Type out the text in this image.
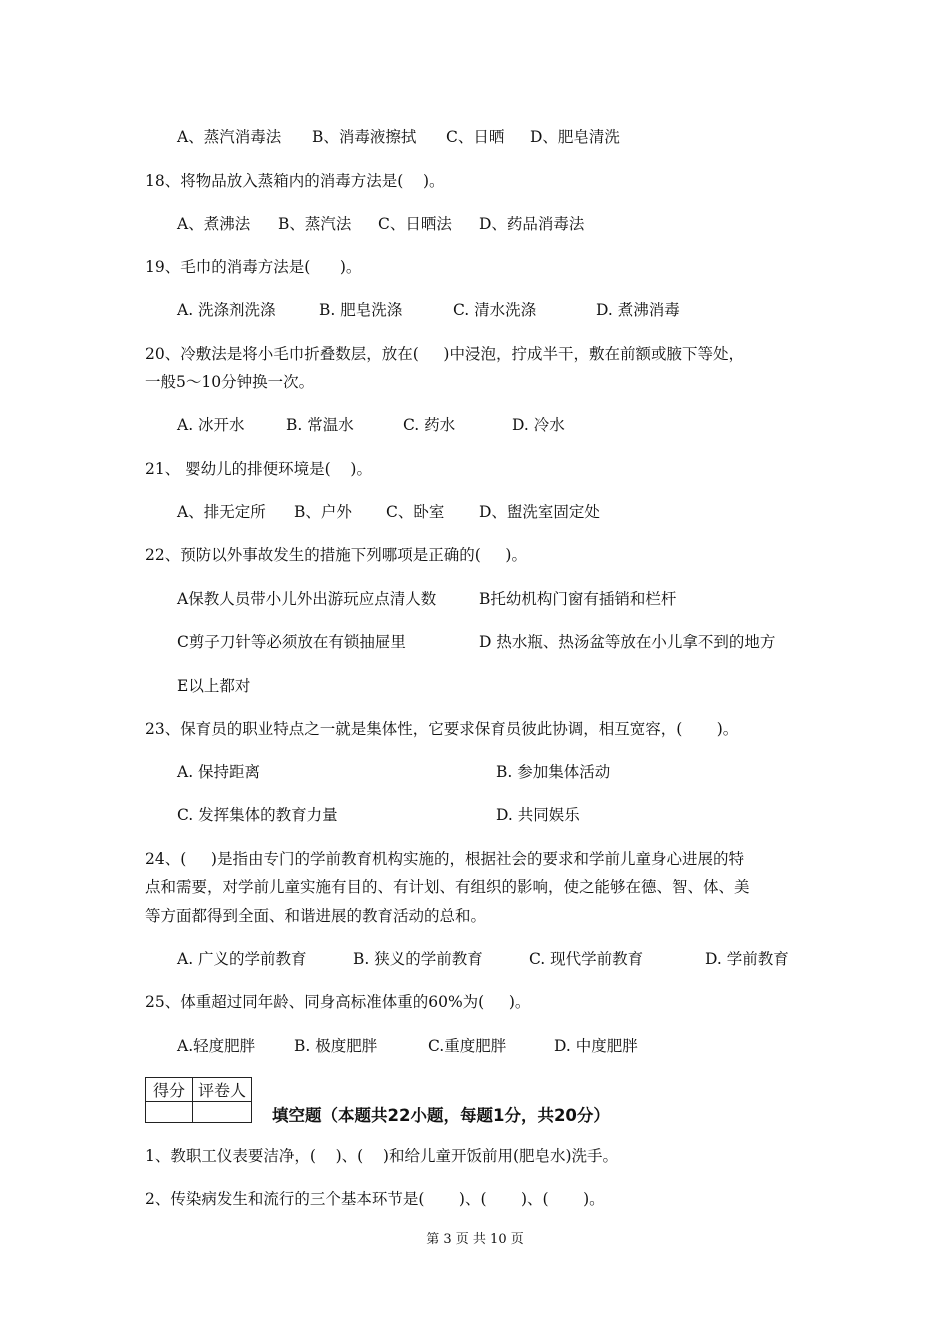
A、蒸汽消毒法 B、消毒液擦拭 C、日晒 D、肥皂清洗
18、将物品放入蒸箱内的消毒方法是(    )。
A、煮沸法 B、蒸汽法 C、日晒法 D、药品消毒法
19、毛巾的消毒方法是(      )。
A. 洗涤剂洗涤	B. 肥皂洗涤	C. 清水洗涤	D. 煮沸消毒
20、冷敷法是将小毛巾折叠数层，放在(     )中浸泡，拧成半干，敷在前额或腋下等处，
一般5～10分钟换一次。
A. 冰开水	B. 常温水	C. 药水	D. 冷水
21、 婴幼儿的排便环境是(    )。
A、排无定所 B、户外 C、卧室 D、盥洗室固定处
22、预防以外事故发生的措施下列哪项是正确的(     )。
A保教人员带小儿外出游玩应点清人数	B托幼机构门窗有插销和栏杆
C剪子刀针等必须放在有锁抽屉里	D 热水瓶、热汤盆等放在小儿拿不到的地方
E以上都对
23、保育员的职业特点之一就是集体性，它要求保育员彼此协调，相互宽容，(       )。
A. 保持距离	B. 参加集体活动
C. 发挥集体的教育力量	D. 共同娱乐
24、(     )是指由专门的学前教育机构实施的，根据社会的要求和学前儿童身心进展的特
点和需要，对学前儿童实施有目的、有计划、有组织的影响，使之能够在德、智、体、美
等方面都得到全面、和谐进展的教育活动的总和。
A. 广义的学前教育	B. 狭义的学前教育	C. 现代学前教育	D. 学前教育
25、体重超过同年龄、同身高标准体重的60%为(     )。
A.轻度肥胖	B. 极度肥胖	C.重度肥胖	D. 中度肥胖
得分	评卷人

填空题（本题共22小题，每题1分，共20分）
1、教职工仪表要洁净，(    )、(    )和给儿童开饭前用(肥皂水)洗手。
2、传染病发生和流行的三个基本环节是(       )、(       )、(       )。
第 3 页 共 10 页
